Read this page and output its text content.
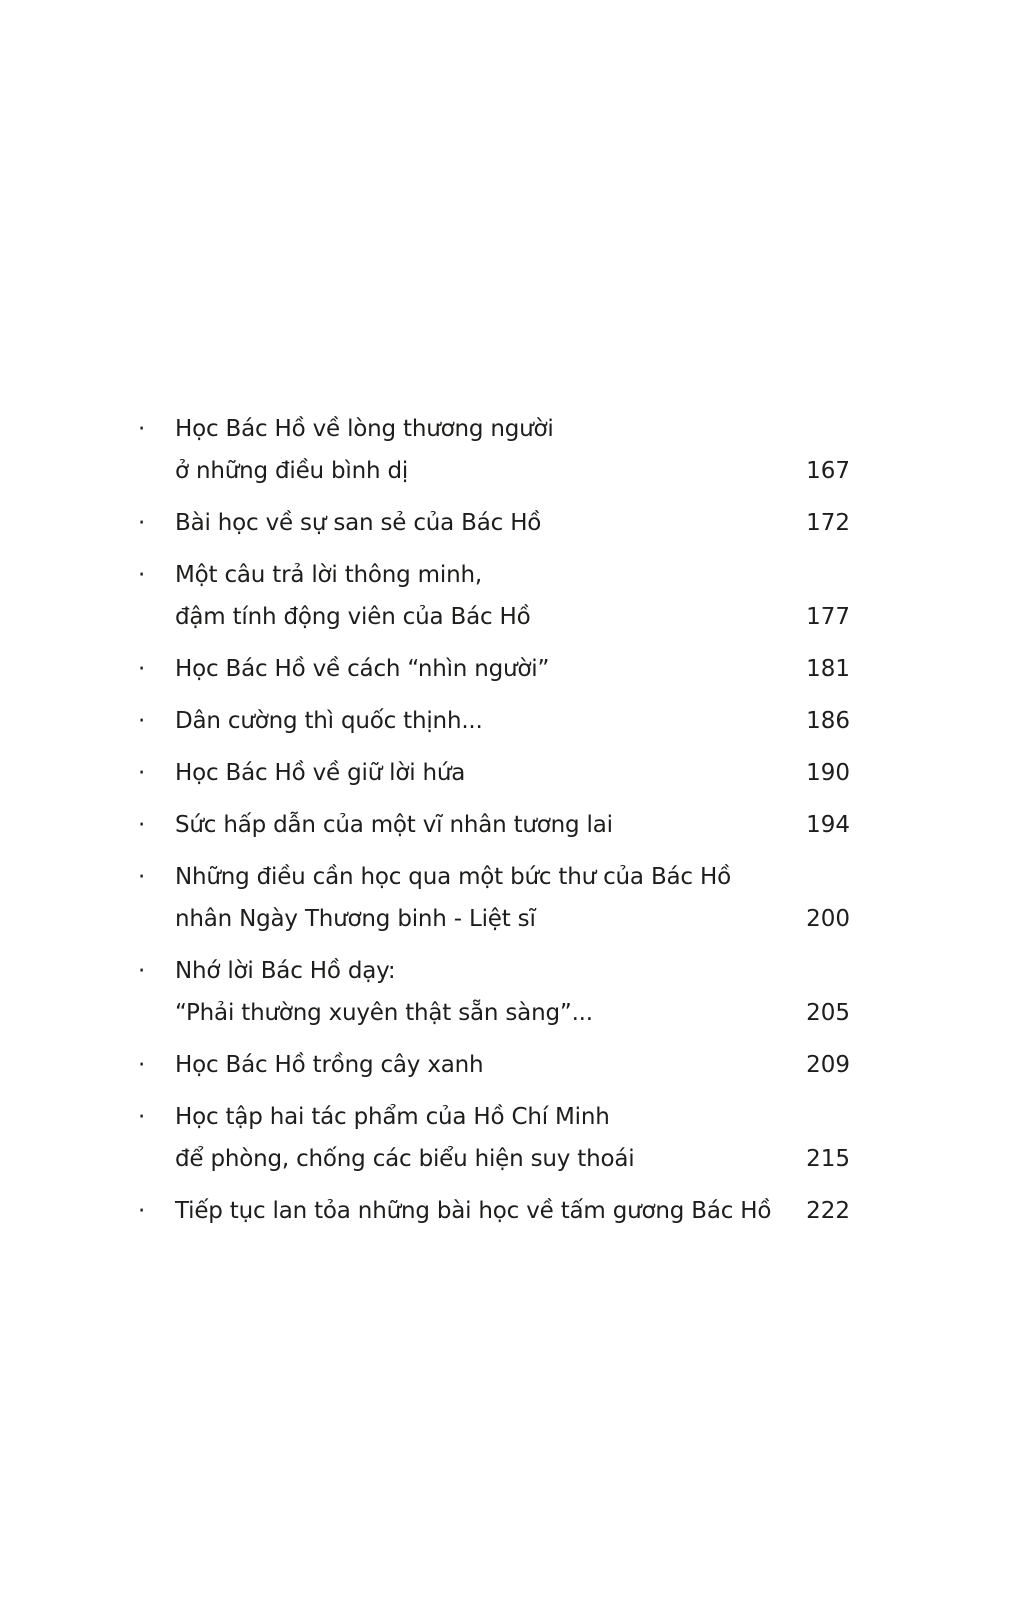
·	Học Bác Hồ về lòng thương người
ở những điều bình dị	167
·	Bài học về sự san sẻ của Bác Hồ	172
·	Một câu trả lời thông minh,
đậm tính động viên của Bác Hồ	177
·	Học Bác Hồ về cách “nhìn người”	181
·	Dân cường thì quốc thịnh...	186
·	Học Bác Hồ về giữ lời hứa	190
·	Sức hấp dẫn của một vĩ nhân tương lai	194
·	Những điều cần học qua một bức thư của Bác Hồ
nhân Ngày Thương binh - Liệt sĩ	200
·	Nhớ lời Bác Hồ dạy:
“Phải thường xuyên thật sẵn sàng”...	205
·	Học Bác Hồ trồng cây xanh	209
·	Học tập hai tác phẩm của Hồ Chí Minh
để phòng, chống các biểu hiện suy thoái	215
·	Tiếp tục lan tỏa những bài học về tấm gương Bác Hồ	222
